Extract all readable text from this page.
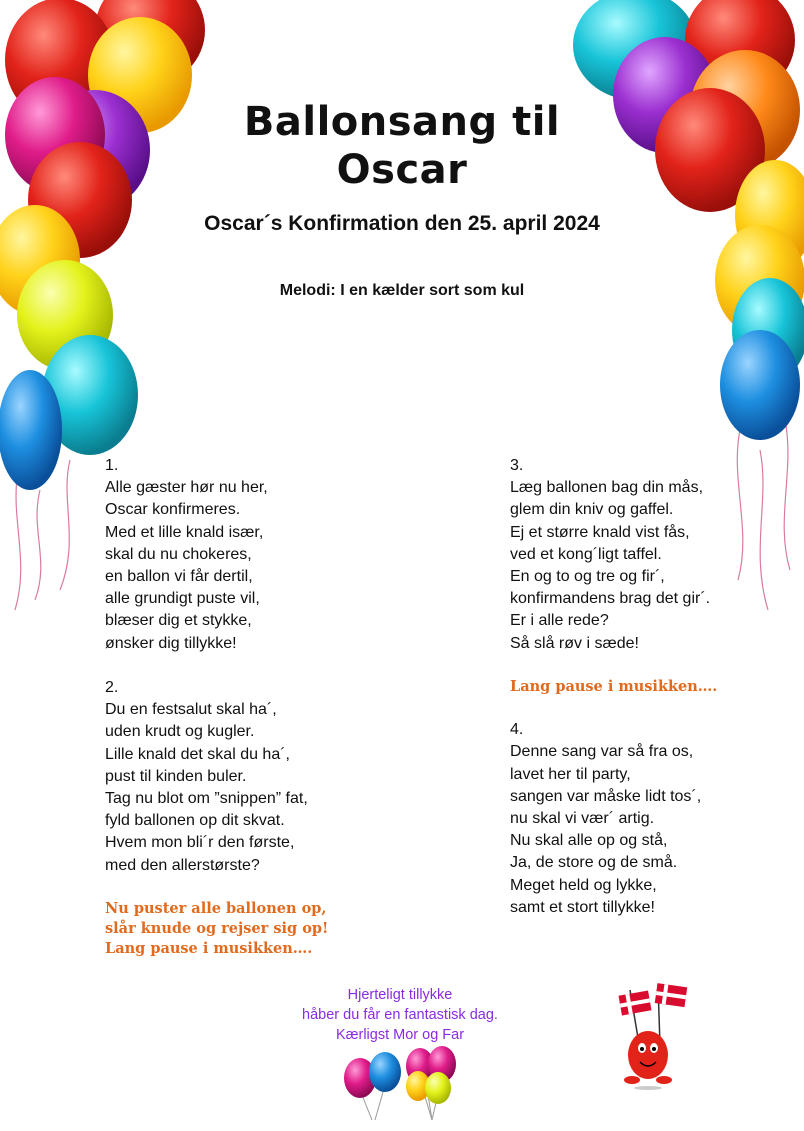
Ballonsang til
Oscar
Oscar´s Konfirmation den 25. april 2024
Melodi: I en kælder sort som kul
1.
Alle gæster hør nu her,
Oscar konfirmeres.
Med et lille knald især,
skal du nu chokeres,
en ballon vi får dertil,
alle grundigt puste vil,
blæser dig et stykke,
ønsker dig tillykke!
2.
Du en festsalut skal ha´,
uden krudt og kugler.
Lille knald det skal du ha´,
pust til kinden buler.
Tag nu blot om ”snippen” fat,
fyld ballonen op dit skvat.
Hvem mon bli´r den første,
med den allerstørste?
Nu puster alle ballonen op,
slår knude og rejser sig op!
Lang pause i musikken….
3.
Læg ballonen bag din mås,
glem din kniv og gaffel.
Ej et større knald vist fås,
ved et kong´ligt taffel.
En og to og tre og fir´,
konfirmandens brag det gir´.
Er i alle rede?
Så slå røv i sæde!
Lang pause i musikken….
4.
Denne sang var så fra os,
lavet her til party,
sangen var måske lidt tos´,
nu skal vi vær´ artig.
Nu skal alle op og stå,
Ja, de store og de små.
Meget held og lykke,
samt et stort tillykke!
Hjerteligt tillykke
håber du får en fantastisk dag.
Kærligst Mor og Far
